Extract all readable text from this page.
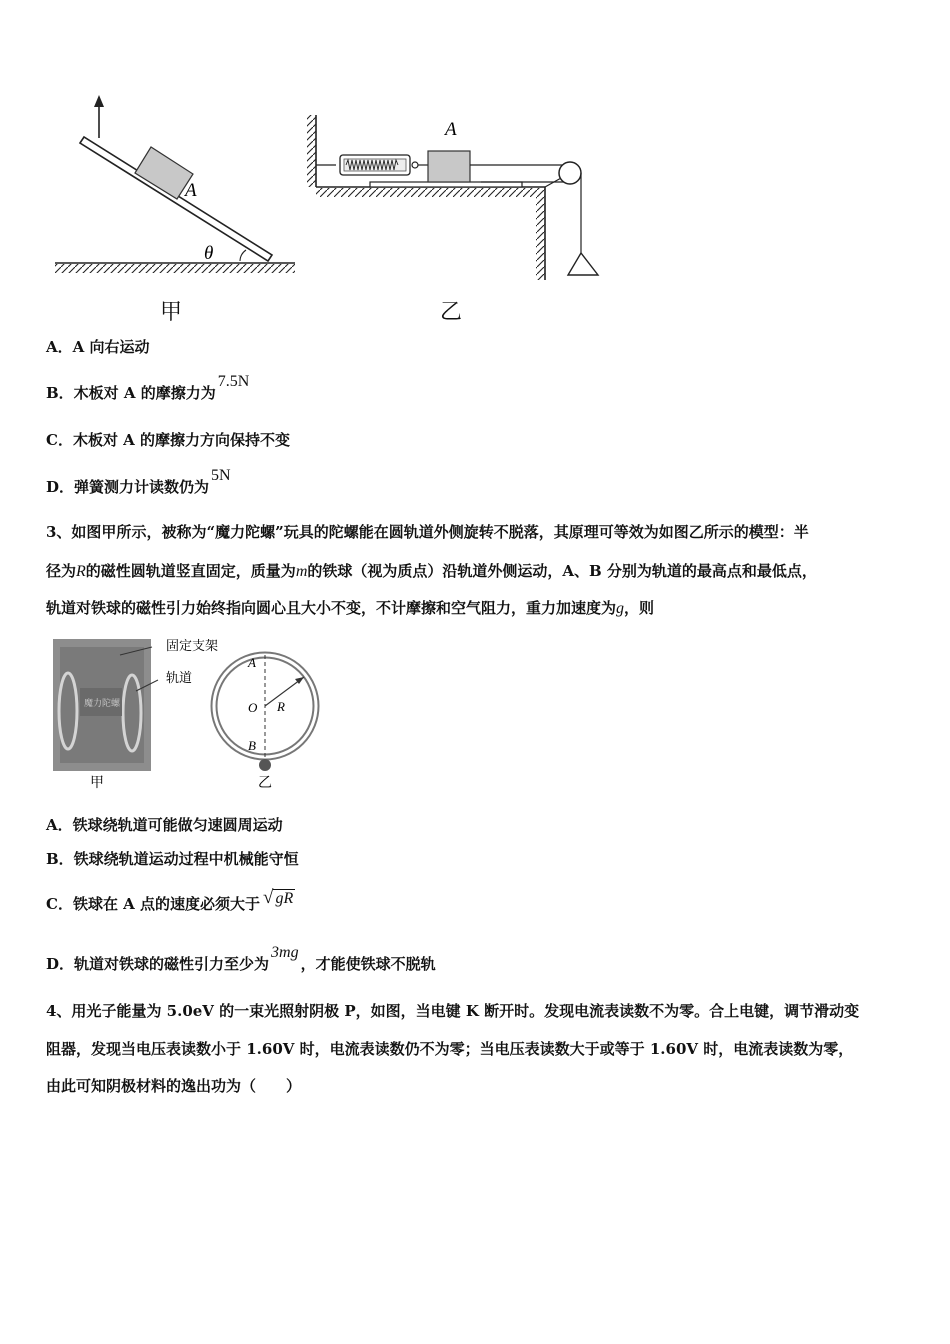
A
θ
A
甲	乙
A．A 向右运动
B．木板对 A 的摩擦力为7.5N
C．木板对 A 的摩擦力方向保持不变
D．弹簧测力计读数仍为5N
3、如图甲所示，被称为“魔力陀螺”玩具的陀螺能在圆轨道外侧旋转不脱落，其原理可等效为如图乙所示的模型：半
径为R的磁性圆轨道竖直固定，质量为m的铁球（视为质点）沿轨道外侧运动，A、B 分别为轨道的最高点和最低点，
轨道对铁球的磁性引力始终指向圆心且大小不变，不计摩擦和空气阻力，重力加速度为g，则
魔力陀螺
固定支架
轨道
甲
A
O R
B
乙
A．铁球绕轨道可能做匀速圆周运动
B．铁球绕轨道运动过程中机械能守恒
C．铁球在 A 点的速度必须大于 √ gR
D．轨道对铁球的磁性引力至少为3mg，才能使铁球不脱轨
4、用光子能量为 5.0eV 的一束光照射阴极 P，如图，当电键 K 断开时。发现电流表读数不为零。合上电键，调节滑动变
阻器，发现当电压表读数小于 1.60V 时，电流表读数仍不为零；当电压表读数大于或等于 1.60V 时，电流表读数为零，
由此可知阴极材料的逸出功为（　　）
